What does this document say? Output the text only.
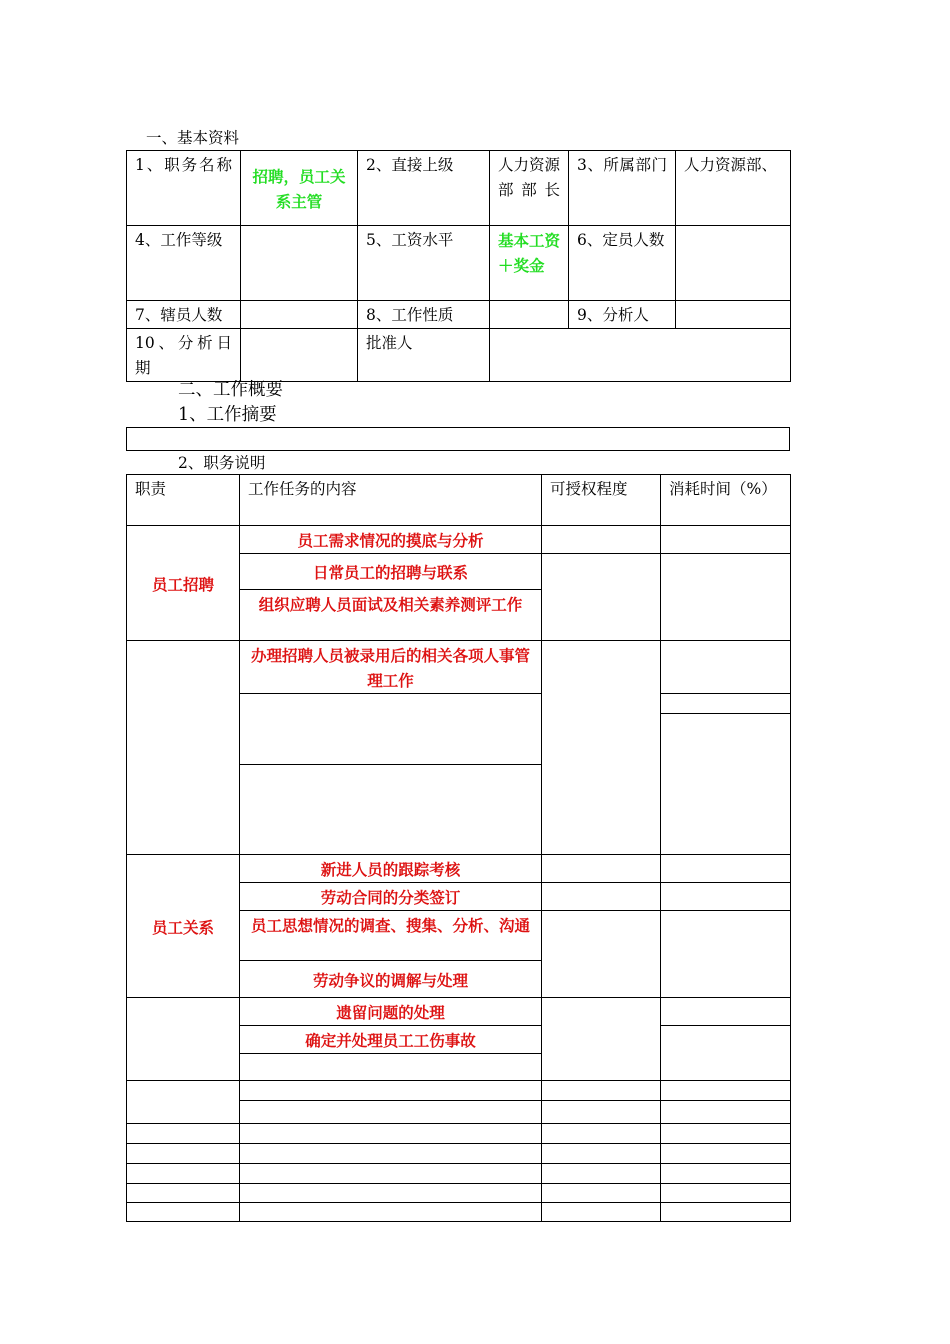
一、基本资料
1、职务名称	招聘，员工关系主管	2、直接上级	人力资源部部长	3、所属部门	人力资源部、
4、工作等级		5、工资水平	基本工资＋奖金	6、定员人数	
7、辖员人数		8、工作性质		9、分析人	
10、分析日期		批准人			
二、工作概要
1、工作摘要
2、职务说明
职责	工作任务的内容	可授权程度	消耗时间（%）
员工招聘	员工需求情况的摸底与分析		
	日常员工的招聘与联系		
	组织应聘人员面试及相关素养测评工作		
	办理招聘人员被录用后的相关各项人事管理工作		

员工关系	新进人员的跟踪考核		
	劳动合同的分类签订		
	员工思想情况的调查、搜集、分析、沟通		
	劳动争议的调解与处理		
	遗留问题的处理		
	确定并处理员工工伤事故		
